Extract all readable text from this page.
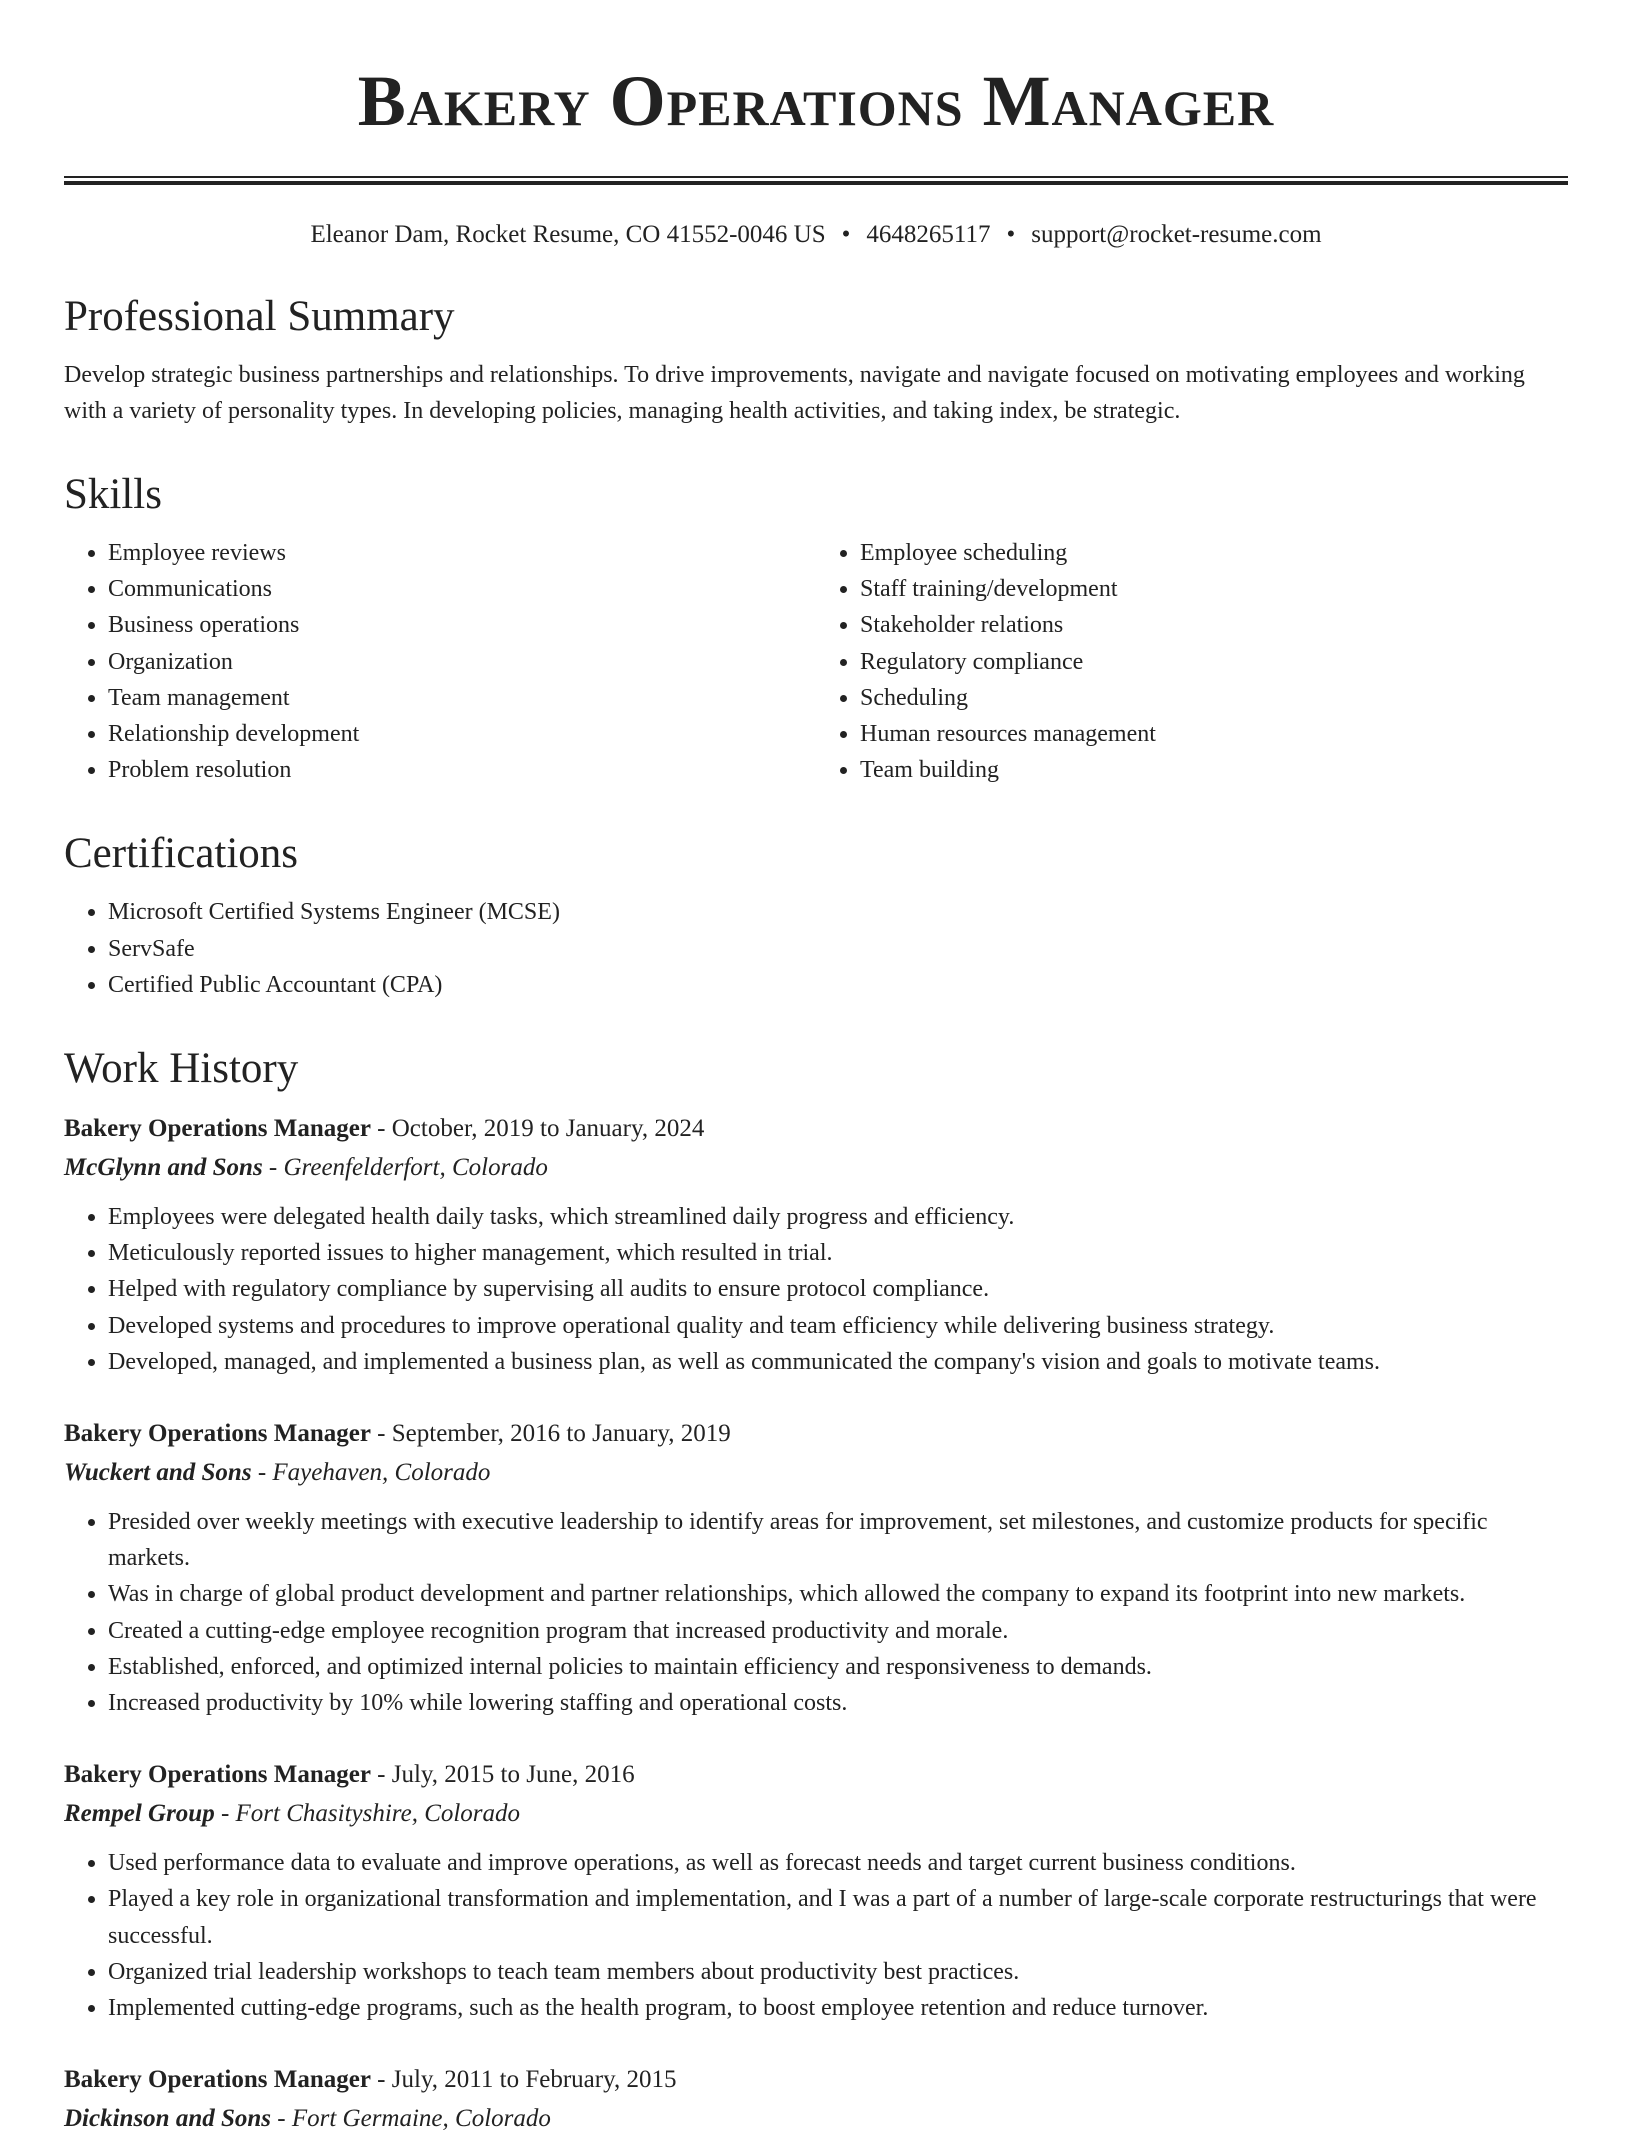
Bakery Operations Manager
Eleanor Dam, Rocket Resume, CO 41552-0046 US • 4648265117 • support@rocket-resume.com
Professional Summary

Develop strategic business partnerships and relationships. To drive improvements, navigate and navigate focused on motivating employees and working with a variety of personality types. In developing policies, managing health activities, and taking index, be strategic.

Skills
• Employee reviews
• Communications
• Business operations
• Organization
• Team management
• Relationship development
• Problem resolution
• Employee scheduling
• Staff training/development
• Stakeholder relations
• Regulatory compliance
• Scheduling
• Human resources management
• Team building
Certifications
• Microsoft Certified Systems Engineer (MCSE)
• ServSafe
• Certified Public Accountant (CPA)
Work History
Bakery Operations Manager - October, 2019 to January, 2024
McGlynn and Sons - Greenfelderfort, Colorado
• Employees were delegated health daily tasks, which streamlined daily progress and efficiency.
• Meticulously reported issues to higher management, which resulted in trial.
• Helped with regulatory compliance by supervising all audits to ensure protocol compliance.
• Developed systems and procedures to improve operational quality and team efficiency while delivering business strategy.
• Developed, managed, and implemented a business plan, as well as communicated the company's vision and goals to motivate teams.
Bakery Operations Manager - September, 2016 to January, 2019
Wuckert and Sons - Fayehaven, Colorado
• Presided over weekly meetings with executive leadership to identify areas for improvement, set milestones, and customize products for specific markets.
• Was in charge of global product development and partner relationships, which allowed the company to expand its footprint into new markets.
• Created a cutting-edge employee recognition program that increased productivity and morale.
• Established, enforced, and optimized internal policies to maintain efficiency and responsiveness to demands.
• Increased productivity by 10% while lowering staffing and operational costs.
Bakery Operations Manager - July, 2015 to June, 2016
Rempel Group - Fort Chasityshire, Colorado
• Used performance data to evaluate and improve operations, as well as forecast needs and target current business conditions.
• Played a key role in organizational transformation and implementation, and I was a part of a number of large-scale corporate restructurings that were successful.
• Organized trial leadership workshops to teach team members about productivity best practices.
• Implemented cutting-edge programs, such as the health program, to boost employee retention and reduce turnover.
Bakery Operations Manager - July, 2011 to February, 2015
Dickinson and Sons - Fort Germaine, Colorado
